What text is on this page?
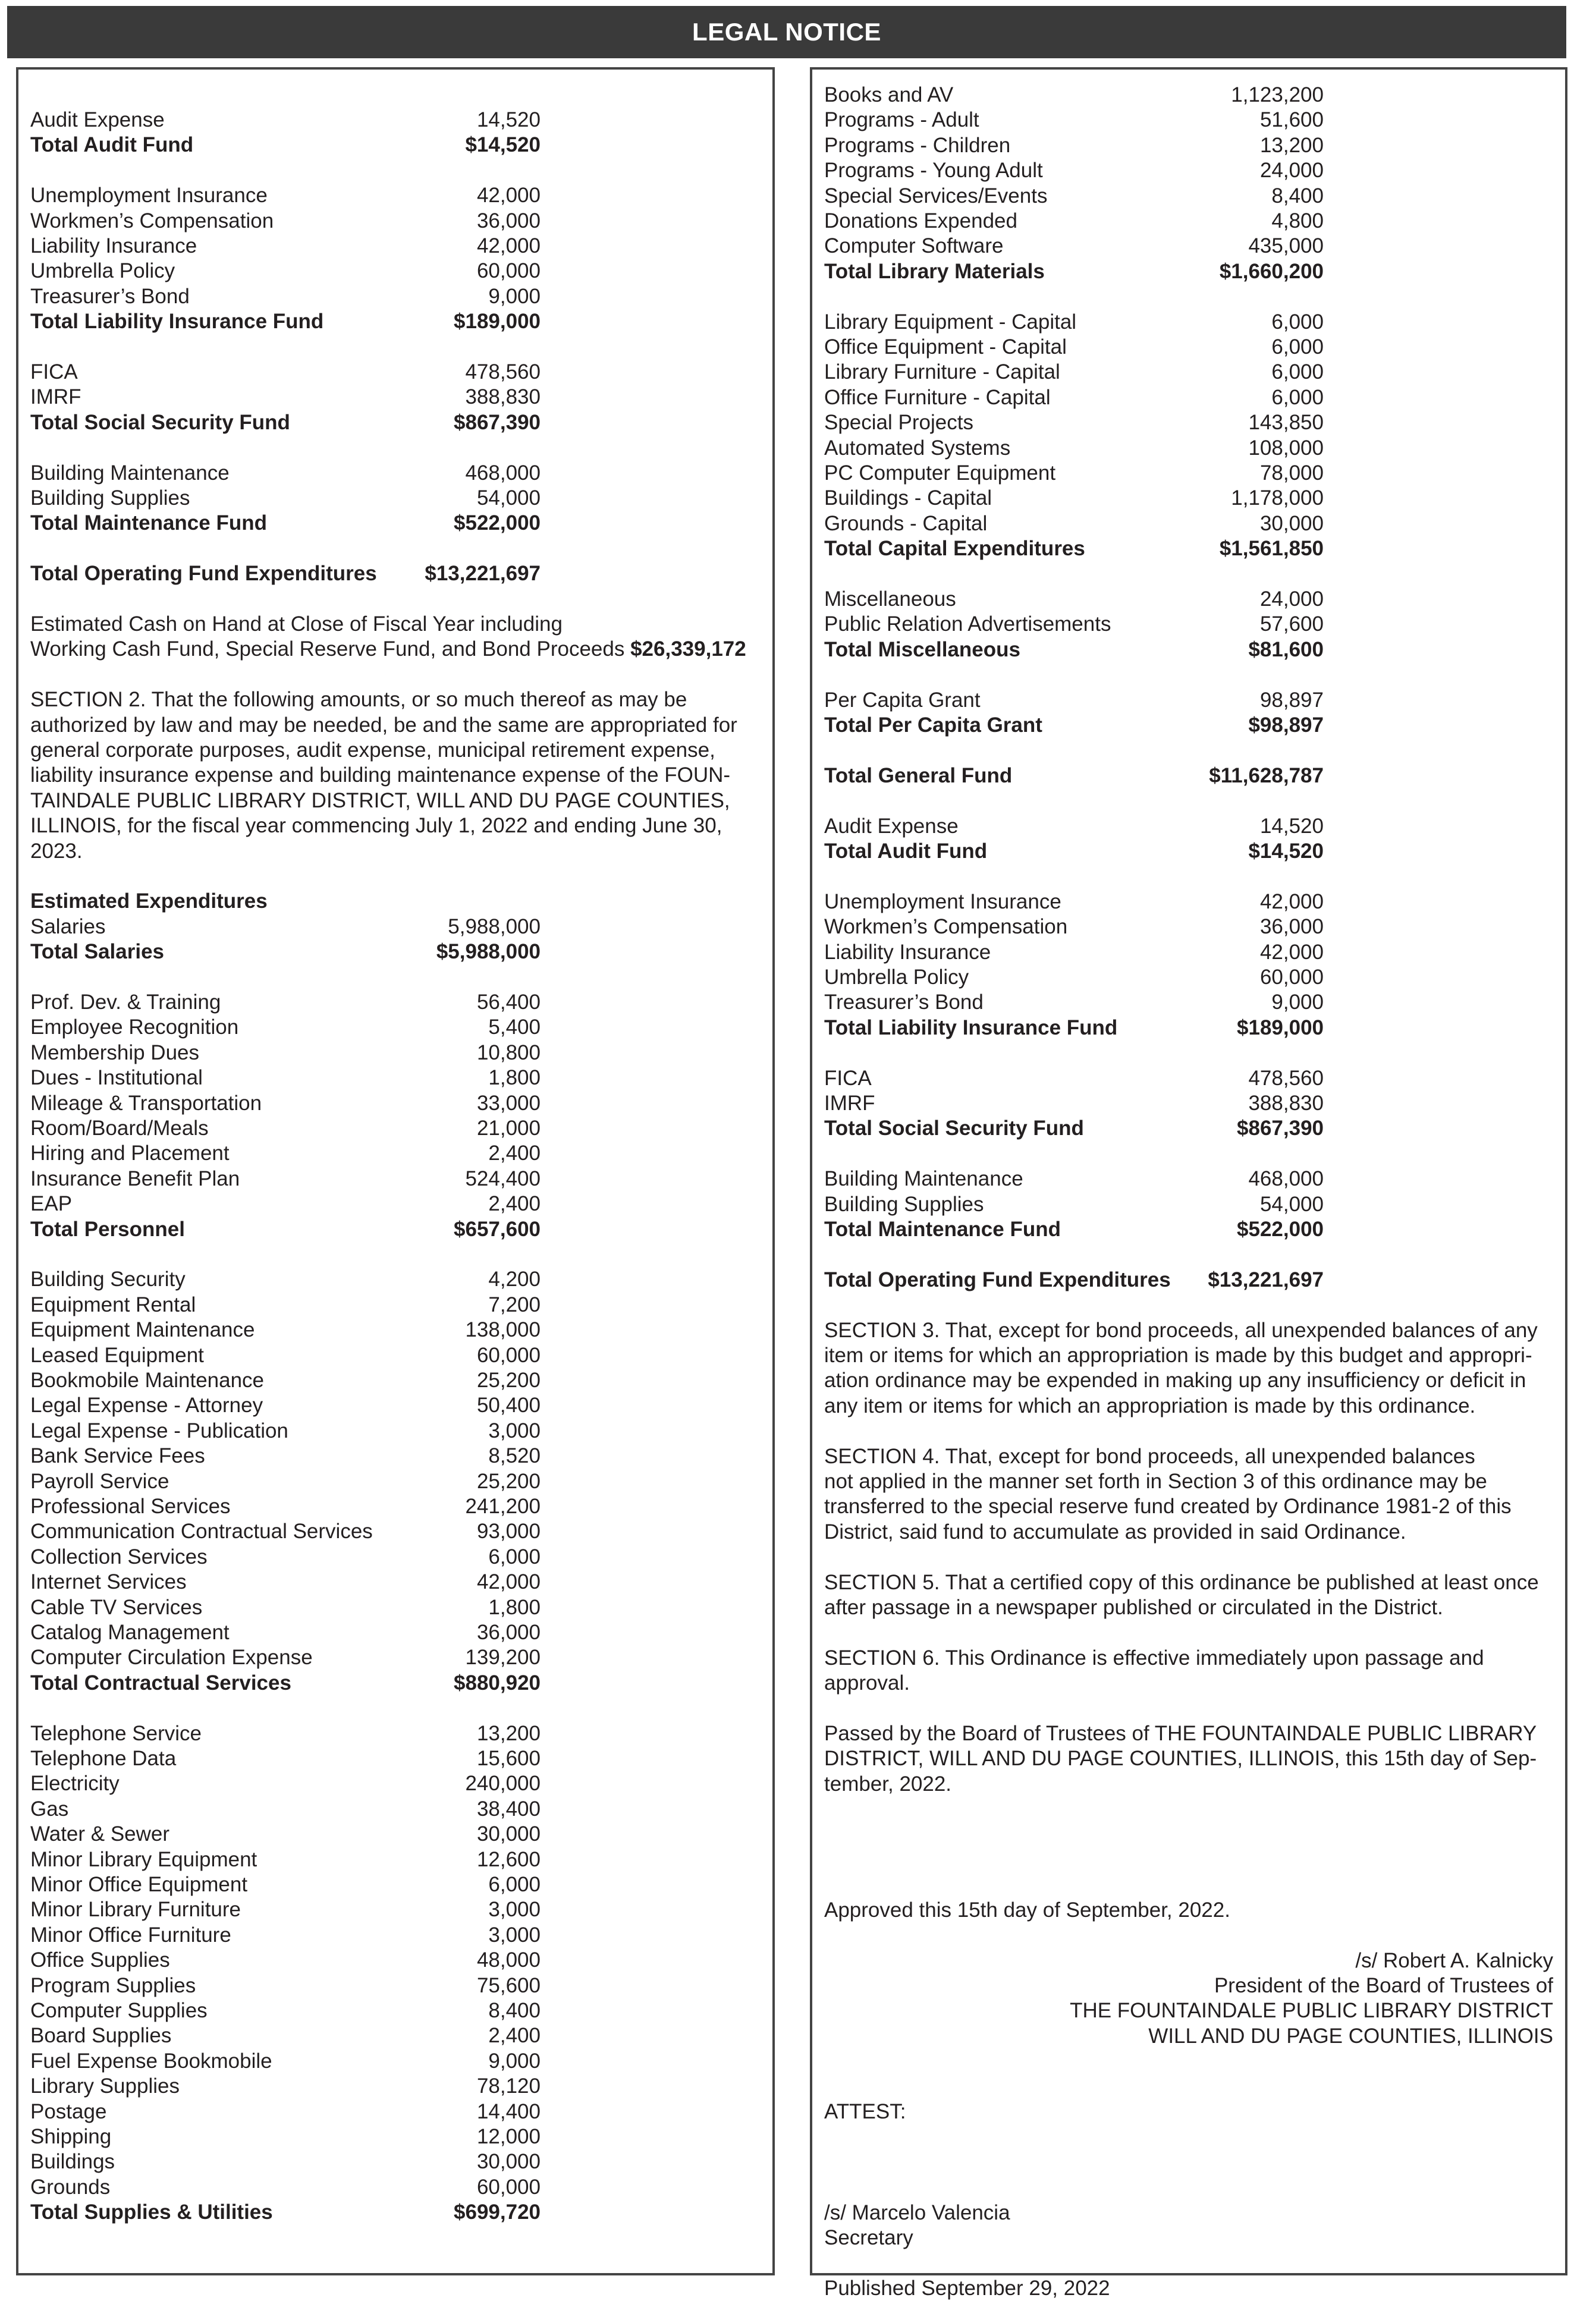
LEGAL NOTICE
Audit Expense	14,520
Total Audit Fund	$14,520
Unemployment Insurance	42,000
Workmen’s Compensation	36,000
Liability Insurance	42,000
Umbrella Policy	60,000
Treasurer’s Bond	9,000
Total Liability Insurance Fund	$189,000
FICA	478,560
IMRF	388,830
Total Social Security Fund	$867,390
Building Maintenance	468,000
Building Supplies	54,000
Total Maintenance Fund	$522,000
Total Operating Fund Expenditures	$13,221,697
Estimated Cash on Hand at Close of Fiscal Year including
Working Cash Fund, Special Reserve Fund, and Bond Proceeds $26,339,172
SECTION 2. That the following amounts, or so much thereof as may be
authorized by law and may be needed, be and the same are appropriated for
general corporate purposes, audit expense, municipal retirement expense,
liability insurance expense and building maintenance expense of the FOUN-
TAINDALE PUBLIC LIBRARY DISTRICT, WILL AND DU PAGE COUNTIES,
ILLINOIS, for the fiscal year commencing July 1, 2022 and ending June 30,
2023.
Estimated Expenditures
Salaries	5,988,000
Total Salaries	$5,988,000
Prof. Dev. & Training	56,400
Employee Recognition	5,400
Membership Dues	10,800
Dues - Institutional	1,800
Mileage & Transportation	33,000
Room/Board/Meals	21,000
Hiring and Placement	2,400
Insurance Benefit Plan	524,400
EAP	2,400
Total Personnel	$657,600
Building Security	4,200
Equipment Rental	7,200
Equipment Maintenance	138,000
Leased Equipment	60,000
Bookmobile Maintenance	25,200
Legal Expense - Attorney	50,400
Legal Expense - Publication	3,000
Bank Service Fees	8,520
Payroll Service	25,200
Professional Services	241,200
Communication Contractual Services	93,000
Collection Services	6,000
Internet Services	42,000
Cable TV Services	1,800
Catalog Management	36,000
Computer Circulation Expense	139,200
Total Contractual Services	$880,920
Telephone Service	13,200
Telephone Data	15,600
Electricity	240,000
Gas	38,400
Water & Sewer	30,000
Minor Library Equipment	12,600
Minor Office Equipment	6,000
Minor Library Furniture	3,000
Minor Office Furniture	3,000
Office Supplies	48,000
Program Supplies	75,600
Computer Supplies	8,400
Board Supplies	2,400
Fuel Expense Bookmobile	9,000
Library Supplies	78,120
Postage	14,400
Shipping	12,000
Buildings	30,000
Grounds	60,000
Total Supplies & Utilities	$699,720
Books and AV	1,123,200
Programs - Adult	51,600
Programs - Children	13,200
Programs - Young Adult	24,000
Special Services/Events	8,400
Donations Expended	4,800
Computer Software	435,000
Total Library Materials	$1,660,200
Library Equipment - Capital	6,000
Office Equipment - Capital	6,000
Library Furniture - Capital	6,000
Office Furniture - Capital	6,000
Special Projects	143,850
Automated Systems	108,000
PC Computer Equipment	78,000
Buildings - Capital	1,178,000
Grounds - Capital	30,000
Total Capital Expenditures	$1,561,850
Miscellaneous	24,000
Public Relation Advertisements	57,600
Total Miscellaneous	$81,600
Per Capita Grant	98,897
Total Per Capita Grant	$98,897
Total General Fund	$11,628,787
Audit Expense	14,520
Total Audit Fund	$14,520
Unemployment Insurance	42,000
Workmen’s Compensation	36,000
Liability Insurance	42,000
Umbrella Policy	60,000
Treasurer’s Bond	9,000
Total Liability Insurance Fund	$189,000
FICA	478,560
IMRF	388,830
Total Social Security Fund	$867,390
Building Maintenance	468,000
Building Supplies	54,000
Total Maintenance Fund	$522,000
Total Operating Fund Expenditures	$13,221,697
SECTION 3. That, except for bond proceeds, all unexpended balances of any
item or items for which an appropriation is made by this budget and appropri-
ation ordinance may be expended in making up any insufficiency or deficit in
any item or items for which an appropriation is made by this ordinance.
SECTION 4. That, except for bond proceeds, all unexpended balances
not applied in the manner set forth in Section 3 of this ordinance may be
transferred to the special reserve fund created by Ordinance 1981-2 of this
District, said fund to accumulate as provided in said Ordinance.
SECTION 5. That a certified copy of this ordinance be published at least once
after passage in a newspaper published or circulated in the District.
SECTION 6. This Ordinance is effective immediately upon passage and
approval.
Passed by the Board of Trustees of THE FOUNTAINDALE PUBLIC LIBRARY
DISTRICT, WILL AND DU PAGE COUNTIES, ILLINOIS, this 15th day of Sep-
tember, 2022.
Approved this 15th day of September, 2022.
/s/ Robert A. Kalnicky
President of the Board of Trustees of
THE FOUNTAINDALE PUBLIC LIBRARY DISTRICT
WILL AND DU PAGE COUNTIES, ILLINOIS
ATTEST:
/s/ Marcelo Valencia
Secretary
Published September 29, 2022
